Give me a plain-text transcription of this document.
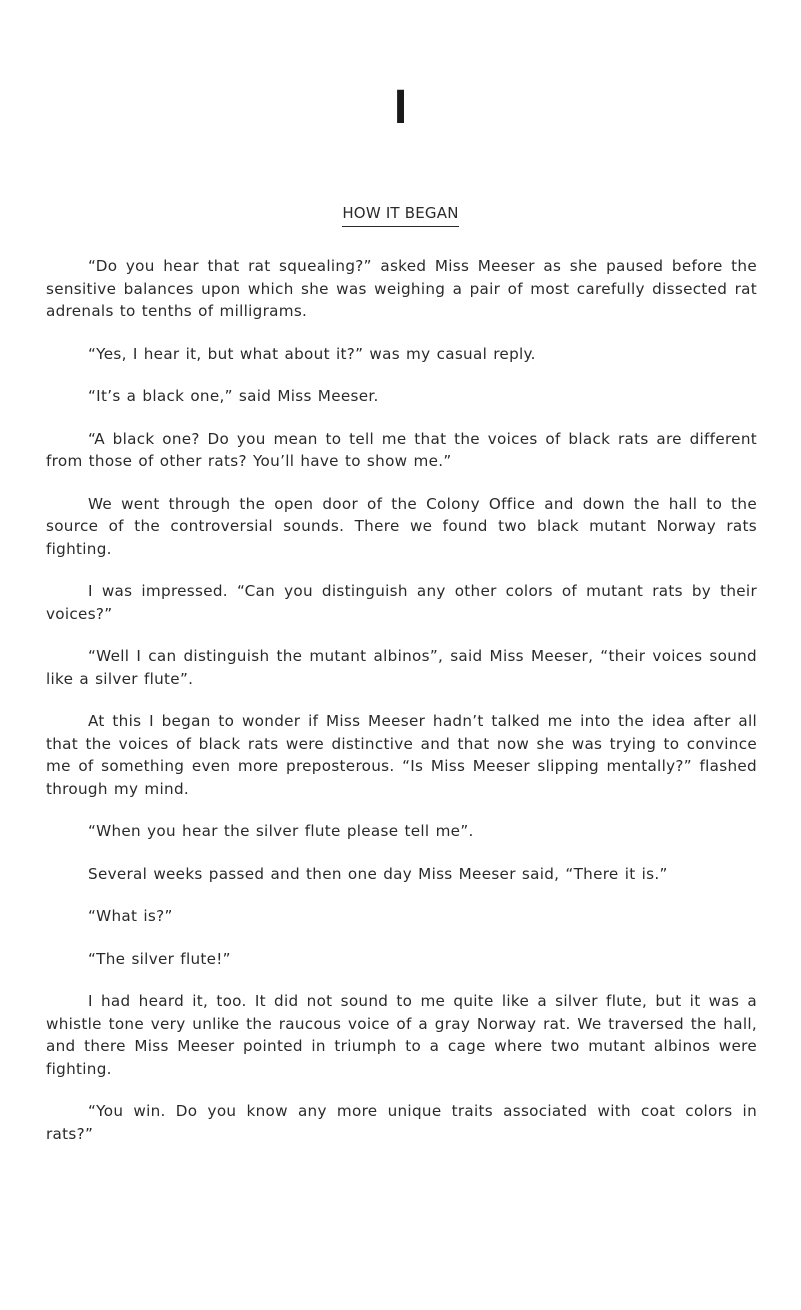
I
HOW IT BEGAN

“Do you hear that rat squealing?” asked Miss Meeser as she paused before the sensitive balances upon which she was weighing a pair of most carefully dissected rat adrenals to tenths of milligrams.

“Yes, I hear it, but what about it?” was my casual reply.

“It’s a black one,” said Miss Meeser.

“A black one? Do you mean to tell me that the voices of black rats are different from those of other rats? You’ll have to show me.”

We went through the open door of the Colony Office and down the hall to the source of the controversial sounds. There we found two black mutant Norway rats fighting.

I was impressed. “Can you distinguish any other colors of mutant rats by their voices?”

“Well I can distinguish the mutant albinos”, said Miss Meeser, “their voices sound like a silver flute”.

At this I began to wonder if Miss Meeser hadn’t talked me into the idea after all that the voices of black rats were distinctive and that now she was trying to convince me of something even more preposterous. “Is Miss Meeser slipping mentally?” flashed through my mind.

“When you hear the silver flute please tell me”.

Several weeks passed and then one day Miss Meeser said, “There it is.”

“What is?”

“The silver flute!”

I had heard it, too. It did not sound to me quite like a silver flute, but it was a whistle tone very unlike the raucous voice of a gray Norway rat. We traversed the hall, and there Miss Meeser pointed in triumph to a cage where two mutant albinos were fighting.

“You win. Do you know any more unique traits associated with coat colors in rats?”
